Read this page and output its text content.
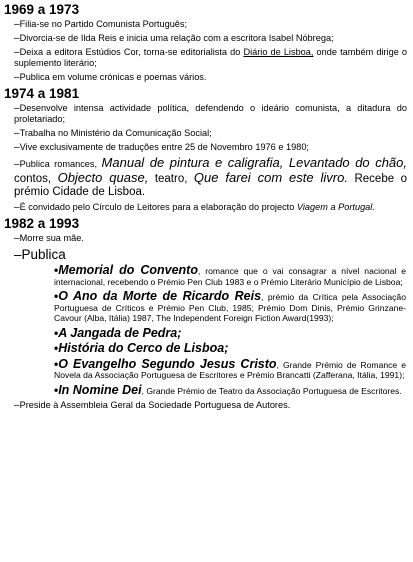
1969 a 1973
–Filia-se no Partido Comunista Português;
–Divorcia-se de Ilda Reis e inicia uma relação com a escritora Isabel Nóbrega;
–Deixa a editora Estúdios Cor, torna-se editorialista do Diário de Lisboa, onde também dirige o suplemento literário;
–Publica em volume crónicas e poemas vários.
1974 a 1981
–Desenvolve intensa actividade política, defendendo o ideário comunista, a ditadura do proletariado;
–Trabalha no Ministério da Comunicação Social;
–Vive exclusivamente de traduções entre 25 de Novembro 1976 e 1980;
–Publica romances, Manual de pintura e caligrafia, Levantado do chão, contos, Objecto quase, teatro, Que farei com este livro. Recebe o prémio Cidade de Lisboa.
–É convidado pelo Círculo de Leitores para a elaboração do projecto Viagem a Portugal.
1982 a 1993
–Morre sua mãe.
–Publica
•Memorial do Convento, romance que o vai consagrar a nível nacional e internacional, recebendo o Prémio Pen Club 1983 e o Prémio Literário Município de Lisboa;
•O Ano da Morte de Ricardo Reis, prémio da Crítica pela Associação Portuguesa de Críticos e Prémio Pen Club, 1985; Prémio Dom Dinis, Prémio Grinzane-Cavour (Alba, Itália) 1987, The Independent Foreign Fiction Award(1993);
•A Jangada de Pedra;
•História do Cerco de Lisboa;
•O Evangelho Segundo Jesus Cristo, Grande Prémio de Romance e Novela da Associação Portuguesa de Escritores e Prémio Brancatti (Zafferana, Itália, 1991);
•In Nomine Dei, Grande Prémio de Teatro da Associação Portuguesa de Escritores.
–Preside à Assembleia Geral da Sociedade Portuguesa de Autores.
